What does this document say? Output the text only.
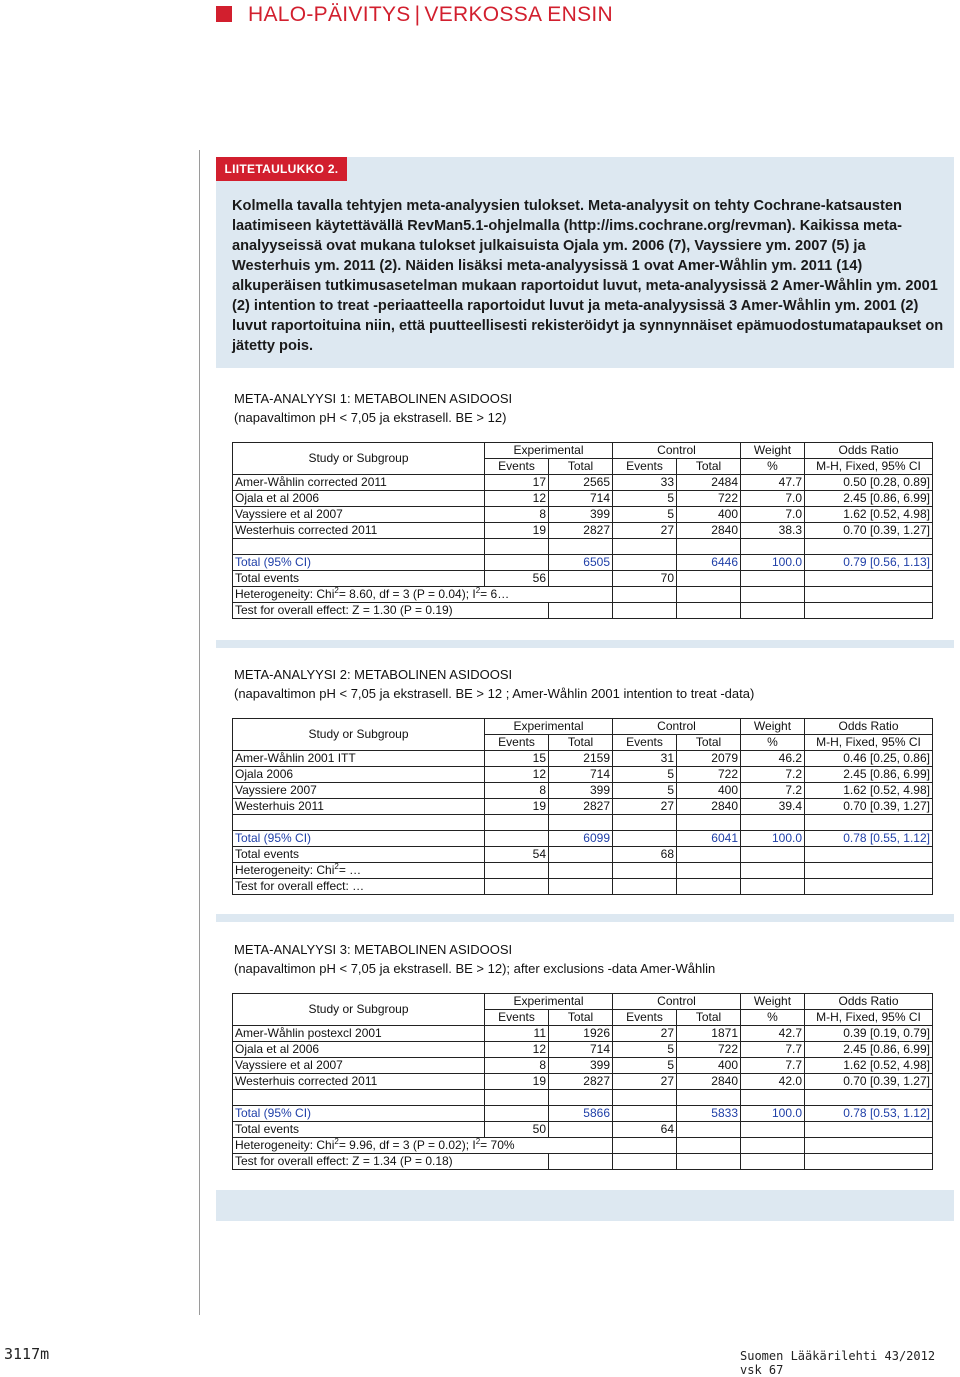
HALO-PÄIVITYS | VERKOSSA ENSIN
LIITETAULUKKO 2.
Kolmella tavalla tehtyjen meta-analyysien tulokset. Meta-analyysit on tehty Cochrane-katsausten laatimiseen käytettävällä RevMan5.1-ohjelmalla (http://ims.cochrane.org/revman). Kaikissa meta-analyyseissä ovat mukana tulokset julkaisuista Ojala ym. 2006 (7), Vayssiere ym. 2007 (5) ja Westerhuis ym. 2011 (2). Näiden lisäksi meta-analyysissä 1 ovat Amer-Wåhlin ym. 2011 (14) alkuperäisen tutkimusasetelman mukaan raportoidut luvut, meta-analyysissä 2 Amer-Wåhlin ym. 2001 (2) intention to treat -periaatteella raportoidut luvut ja meta-analyysissä 3 Amer-Wåhlin ym. 2001 (2) luvut raportoituina niin, että puutteellisesti rekisteröidyt ja synnynnäiset epämuodostumatapaukset on jätetty pois.
META-ANALYYSI 1: METABOLINEN ASIDOOSI
(napavaltimon pH < 7,05 ja ekstrasell. BE > 12)
Study or Subgroup	Experimental		Control		Weight	Odds Ratio
	Events	Total	Events	Total	%	M-H, Fixed, 95% CI
Amer-Wåhlin corrected 2011	17	2565	33	2484	47.7	0.50 [0.28, 0.89]
Ojala et al 2006	12	714	5	722	7.0	2.45 [0.86, 6.99]
Vayssiere et al 2007	8	399	5	400	7.0	1.62 [0.52, 4.98]
Westerhuis corrected 2011	19	2827	27	2840	38.3	0.70 [0.39, 1.27]

Total (95% CI)		6505		6446	100.0	0.79 [0.56, 1.13]
Total events	56		70			
Heterogeneity: Chi$^2$= 8.60, df = 3 (P = 0.04); $I^2=$ 6…						
Test for overall effect: Z = 1.30 (P = 0.19)						
META-ANALYYSI 2: METABOLINEN ASIDOOSI
(napavaltimon pH < 7,05 ja ekstrasell. BE > 12 ; Amer-Wåhlin 2001 intention to treat -data)
Study or Subgroup	Experimental		Control		Weight	Odds Ratio
	Events	Total	Events	Total	%	M-H, Fixed, 95% CI
Amer-Wåhlin 2001 ITT	15	2159	31	2079	46.2	0.46 [0.25, 0.86]
Ojala 2006	12	714	5	722	7.2	2.45 [0.86, 6.99]
Vayssiere 2007	8	399	5	400	7.2	1.62 [0.52, 4.98]
Westerhuis 2011	19	2827	27	2840	39.4	0.70 [0.39, 1.27]

Total (95% CI)		6099		6041	100.0	0.78 [0.55, 1.12]
Total events	54		68			
Heterogeneity: Chi$^2$= …						
Test for overall effect: …						
META-ANALYYSI 3: METABOLINEN ASIDOOSI
(napavaltimon pH < 7,05 ja ekstrasell. BE > 12); after exclusions -data Amer-Wåhlin
Study or Subgroup	Experimental		Control		Weight	Odds Ratio
	Events	Total	Events	Total	%	M-H, Fixed, 95% CI
Amer-Wåhlin postexcl 2001	11	1926	27	1871	42.7	0.39 [0.19, 0.79]
Ojala et al 2006	12	714	5	722	7.7	2.45 [0.86, 6.99]
Vayssiere et al 2007	8	399	5	400	7.7	1.62 [0.52, 4.98]
Westerhuis corrected 2011	19	2827	27	2840	42.0	0.70 [0.39, 1.27]

Total (95% CI)		5866		5833	100.0	0.78 [0.53, 1.12]
Total events	50		64			
Heterogeneity: Chi$^2$= 9.96, df = 3 (P = 0.02); $I^2= 70\%$						
Test for overall effect: Z = 1.34 (P = 0.18)						
3117m	Suomen Lääkärilehti 43/2012 vsk 67
